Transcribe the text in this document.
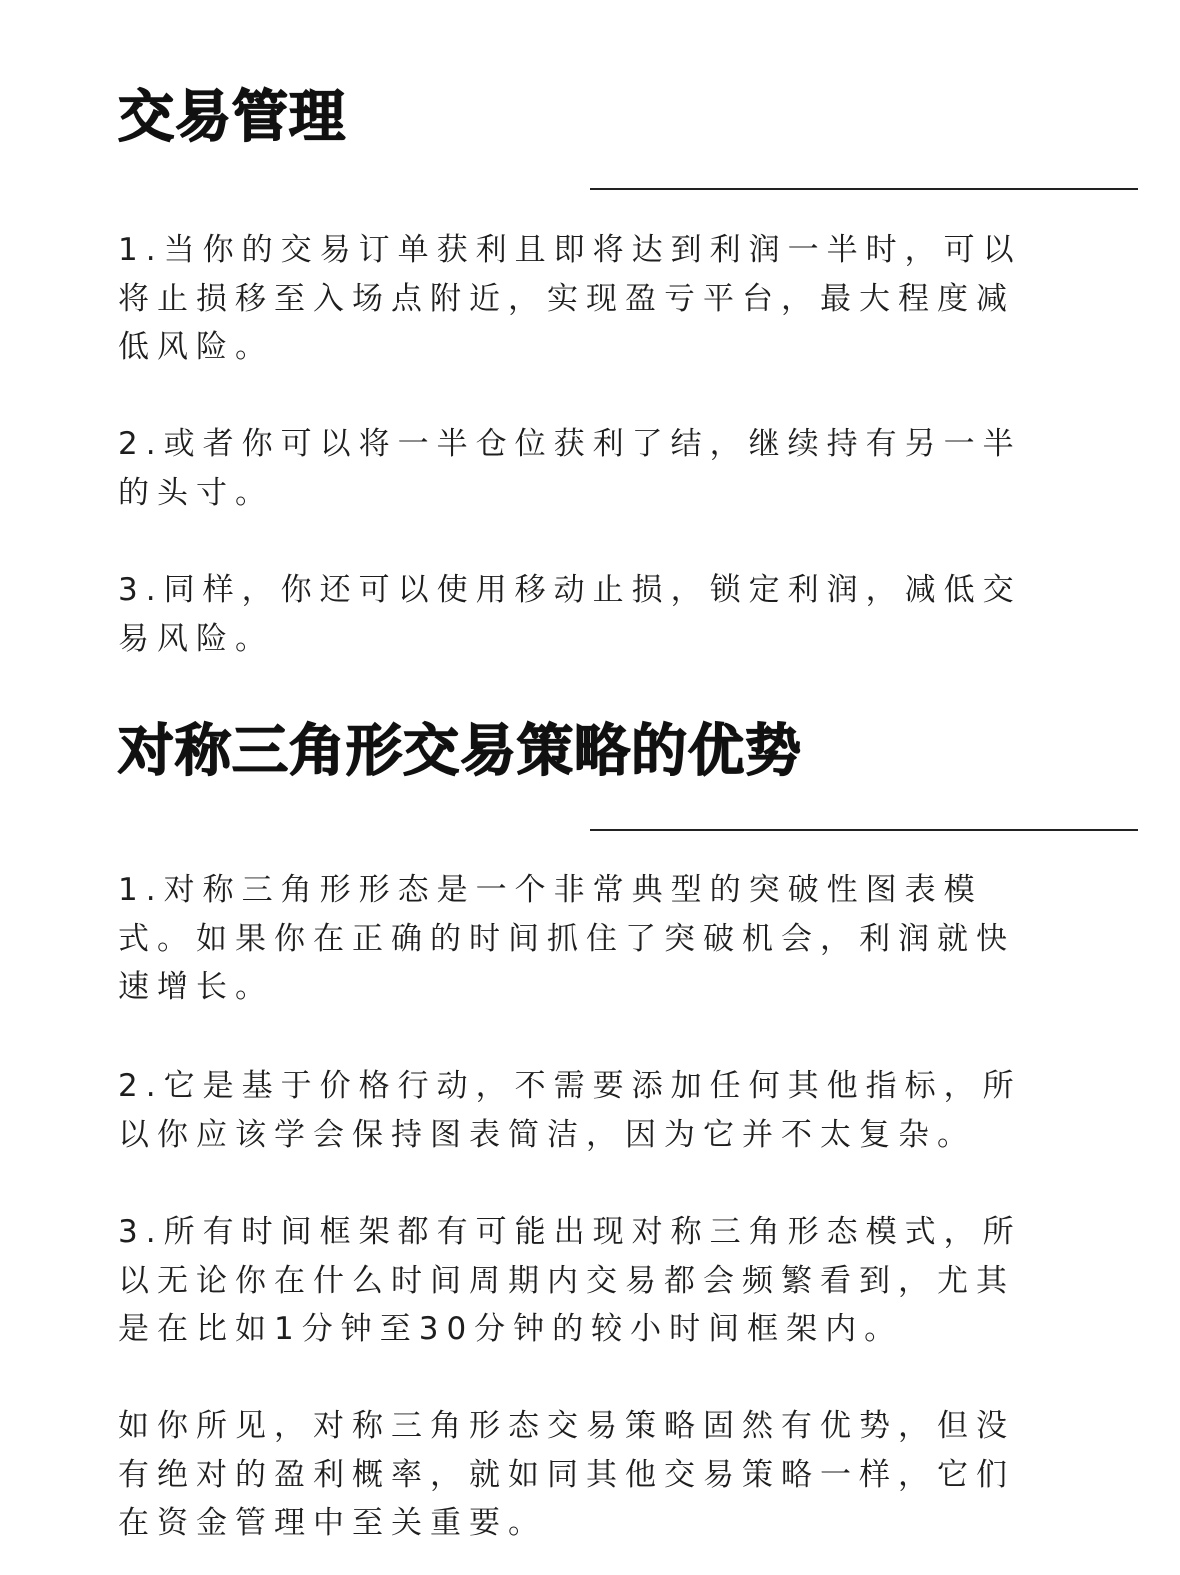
交易管理

1.当你的交易订单获利且即将达到利润一半时，可以将止损移至入场点附近，实现盈亏平台，最大程度减低风险。

2.或者你可以将一半仓位获利了结，继续持有另一半的头寸。

3.同样，你还可以使用移动止损，锁定利润，减低交易风险。

对称三角形交易策略的优势

1.对称三角形形态是一个非常典型的突破性图表模式。如果你在正确的时间抓住了突破机会，利润就快速增长。

2.它是基于价格行动，不需要添加任何其他指标，所以你应该学会保持图表简洁，因为它并不太复杂。

3.所有时间框架都有可能出现对称三角形态模式，所以无论你在什么时间周期内交易都会频繁看到，尤其是在比如1分钟至30分钟的较小时间框架内。

如你所见，对称三角形态交易策略固然有优势，但没有绝对的盈利概率，就如同其他交易策略一样，它们在资金管理中至关重要。
